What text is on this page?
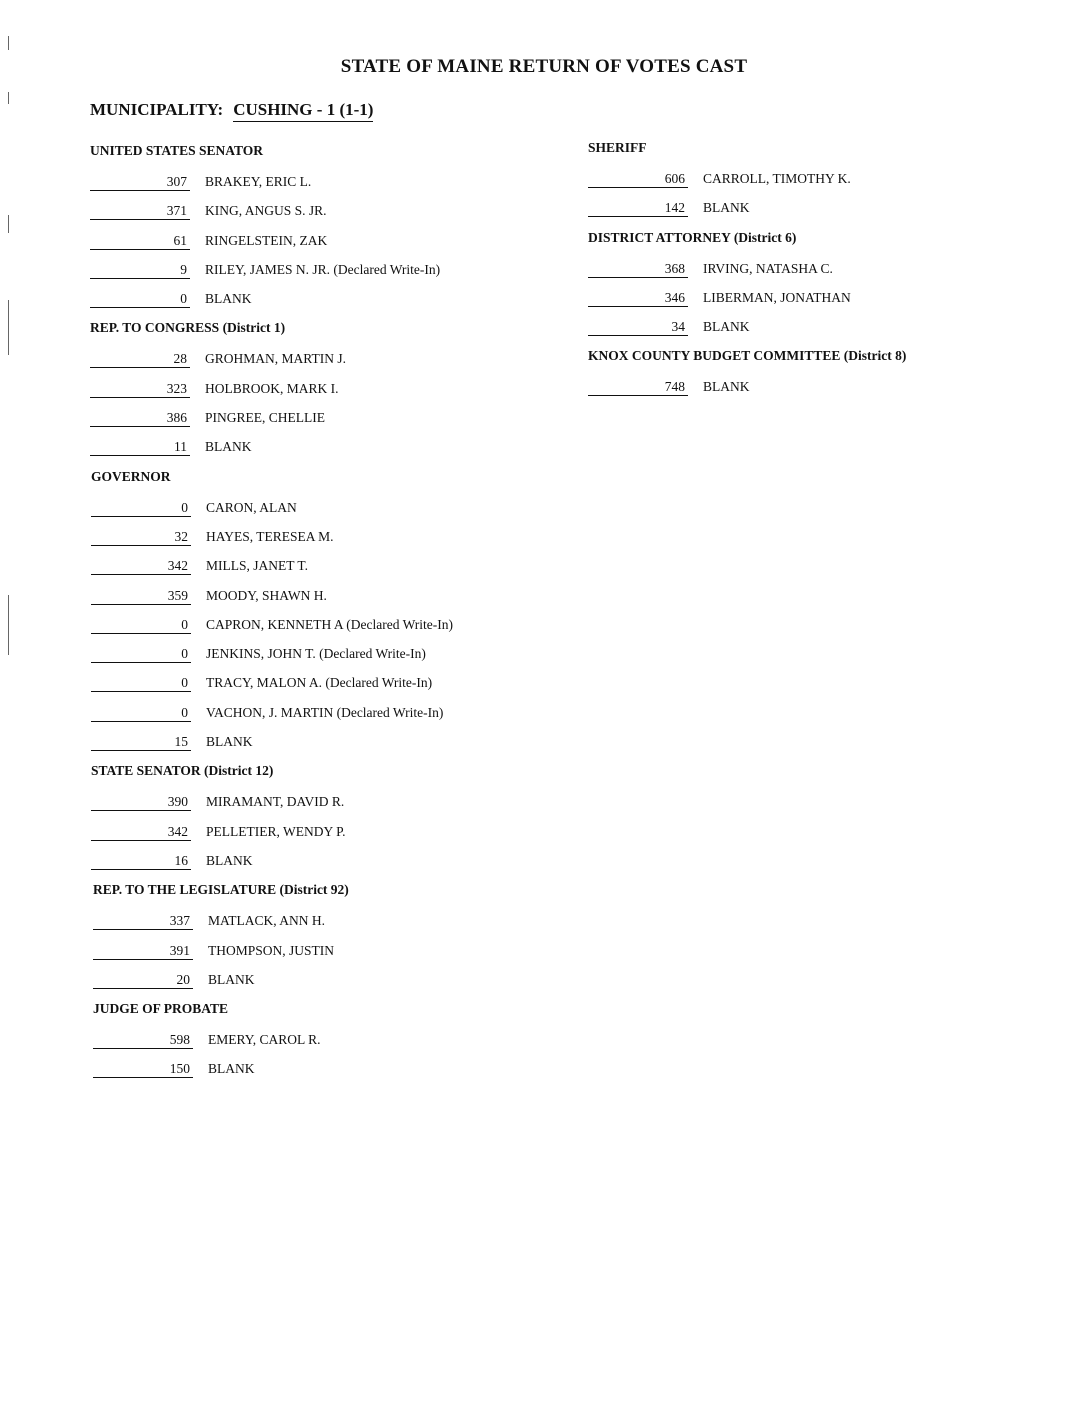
STATE OF MAINE RETURN OF VOTES CAST
MUNICIPALITY: CUSHING - 1 (1-1)
UNITED STATES SENATOR
307 BRAKEY, ERIC L.
371 KING, ANGUS S. JR.
61 RINGELSTEIN, ZAK
9 RILEY, JAMES N. JR. (Declared Write-In)
0 BLANK
REP. TO CONGRESS (District 1)
28 GROHMAN, MARTIN J.
323 HOLBROOK, MARK I.
386 PINGREE, CHELLIE
11 BLANK
GOVERNOR
0 CARON, ALAN
32 HAYES, TERESEA M.
342 MILLS, JANET T.
359 MOODY, SHAWN H.
0 CAPRON, KENNETH A (Declared Write-In)
0 JENKINS, JOHN T. (Declared Write-In)
0 TRACY, MALON A. (Declared Write-In)
0 VACHON, J. MARTIN (Declared Write-In)
15 BLANK
STATE SENATOR (District 12)
390 MIRAMANT, DAVID R.
342 PELLETIER, WENDY P.
16 BLANK
REP. TO THE LEGISLATURE (District 92)
337 MATLACK, ANN H.
391 THOMPSON, JUSTIN
20 BLANK
JUDGE OF PROBATE
598 EMERY, CAROL R.
150 BLANK
SHERIFF
606 CARROLL, TIMOTHY K.
142 BLANK
DISTRICT ATTORNEY (District 6)
368 IRVING, NATASHA C.
346 LIBERMAN, JONATHAN
34 BLANK
KNOX COUNTY BUDGET COMMITTEE (District 8)
748 BLANK
